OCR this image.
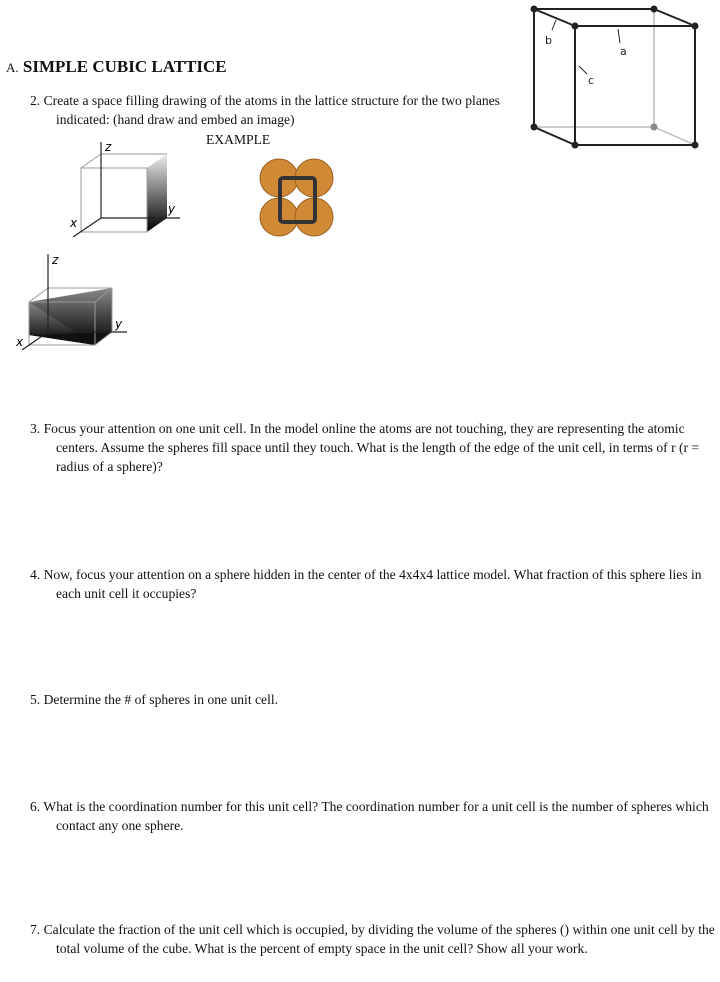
b
a
c
A. SIMPLE CUBIC LATTICE
2. Create a space filling drawing of the atoms in the lattice structure for the two planes indicated: (hand draw and embed an image)
EXAMPLE
z
y
x
z
y
x
3. Focus your attention on one unit cell. In the model online the atoms are not touching, they are representing the atomic centers. Assume the spheres fill space until they touch. What is the length of the edge of the unit cell, in terms of r (r = radius of a sphere)?
4. Now, focus your attention on a sphere hidden in the center of the 4x4x4 lattice model. What fraction of this sphere lies in each unit cell it occupies?
5. Determine the # of spheres in one unit cell.
6. What is the coordination number for this unit cell? The coordination number for a unit cell is the number of spheres which contact any one sphere.
7. Calculate the fraction of the unit cell which is occupied, by dividing the volume of the spheres () within one unit cell by the total volume of the cube. What is the percent of empty space in the unit cell? Show all your work.
